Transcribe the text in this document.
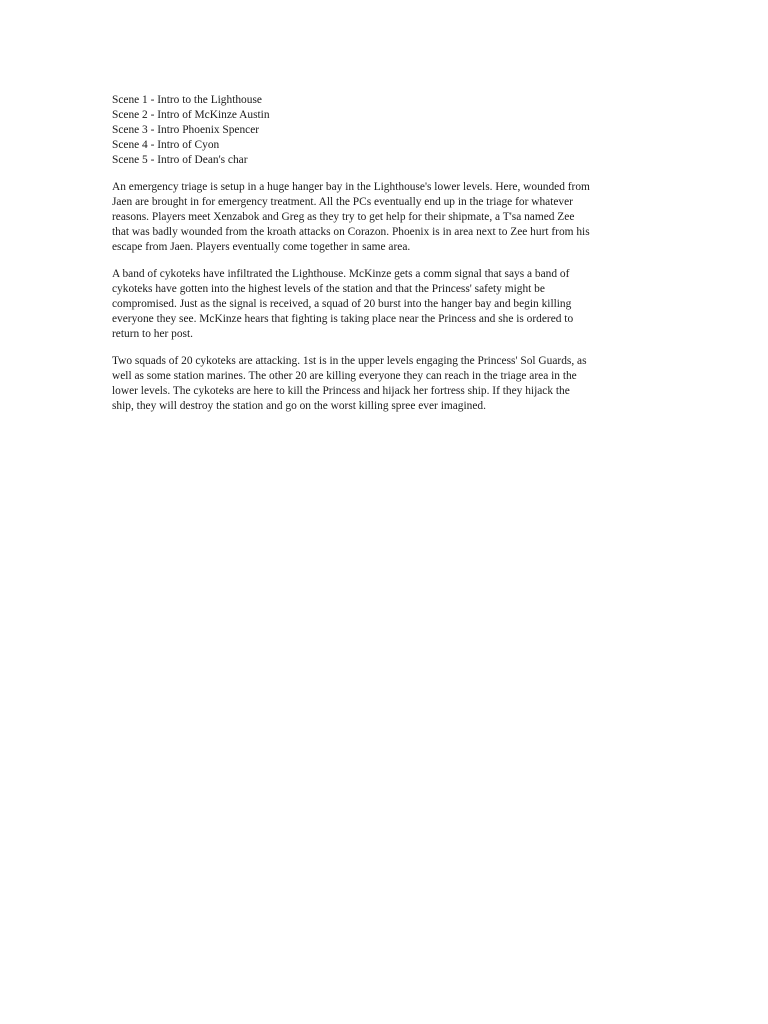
Scene 1 - Intro to the Lighthouse
Scene 2 - Intro of McKinze Austin
Scene 3 - Intro Phoenix Spencer
Scene 4 - Intro of Cyon
Scene 5 - Intro of Dean's char

An emergency triage is setup in a huge hanger bay in the Lighthouse's lower levels. Here, wounded from
Jaen are brought in for emergency treatment. All the PCs eventually end up in the triage for whatever
reasons. Players meet Xenzabok and Greg as they try to get help for their shipmate, a T'sa named Zee
that was badly wounded from the kroath attacks on Corazon. Phoenix is in area next to Zee hurt from his
escape from Jaen. Players eventually come together in same area.

A band of cykoteks have infiltrated the Lighthouse. McKinze gets a comm signal that says a band of
cykoteks have gotten into the highest levels of the station and that the Princess' safety might be
compromised. Just as the signal is received, a squad of 20 burst into the hanger bay and begin killing
everyone they see. McKinze hears that fighting is taking place near the Princess and she is ordered to
return to her post.

Two squads of 20 cykoteks are attacking. 1st is in the upper levels engaging the Princess' Sol Guards, as
well as some station marines. The other 20 are killing everyone they can reach in the triage area in the
lower levels. The cykoteks are here to kill the Princess and hijack her fortress ship. If they hijack the
ship, they will destroy the station and go on the worst killing spree ever imagined.
